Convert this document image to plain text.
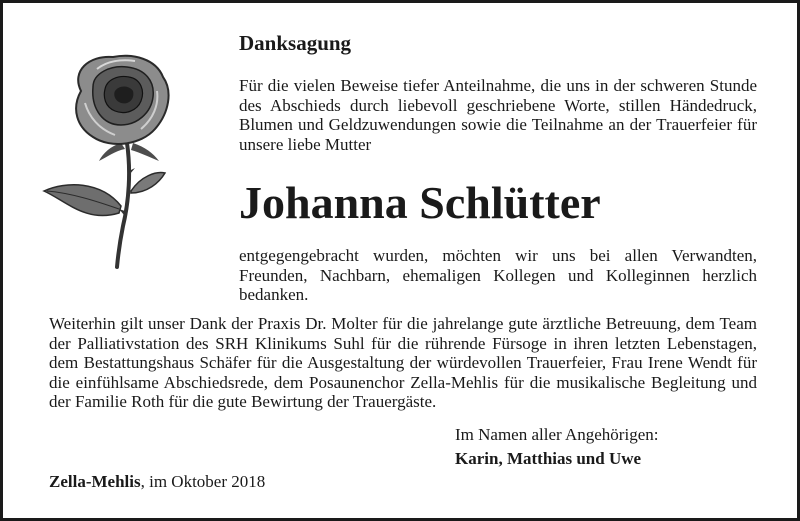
Danksagung

Für die vielen Beweise tiefer Anteilnahme, die uns in der schweren Stunde des Abschieds durch liebevoll geschriebene Worte, stillen Händedruck, Blumen und Geldzuwendungen sowie die Teilnahme an der Trauerfeier für unsere liebe Mutter

Johanna Schlütter

entgegengebracht wurden, möchten wir uns bei allen Verwandten, Freunden, Nachbarn, ehemaligen Kollegen und Kolleginnen herzlich bedanken.

Weiterhin gilt unser Dank der Praxis Dr. Molter für die jahrelange gute ärztliche Betreuung, dem Team der Palliativstation des SRH Klinikums Suhl für die rührende Fürsoge in ihren letzten Lebenstagen, dem Bestattungshaus Schäfer für die Ausgestaltung der würdevollen Trauerfeier, Frau Irene Wendt für die einfühlsame Abschiedsrede, dem Posaunenchor Zella-Mehlis für die musikalische Begleitung und der Familie Roth für die gute Bewirtung der Trauergäste.

Im Namen aller Angehörigen:

Karin, Matthias und Uwe

Zella-Mehlis, im Oktober 2018
